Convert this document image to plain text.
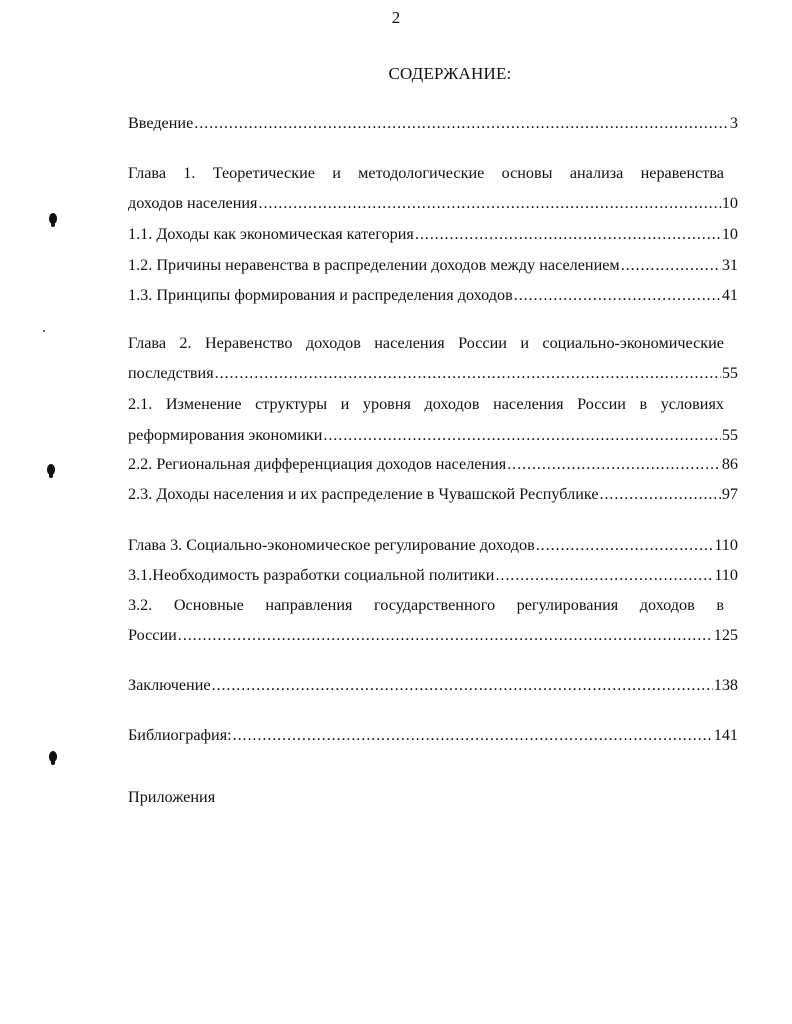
2
СОДЕРЖАНИЕ:
Введение .....	3
Глава 1. Теоретические и методологические основы анализа неравенства
доходов населения .....	10
1.1. Доходы как экономическая категория .....	10
1.2. Причины неравенства в распределении доходов между населением .....	31
1.3. Принципы формирования и распределения доходов .....	41
Глава 2. Неравенство доходов населения России и социально-экономические
последствия .....	55
2.1. Изменение структуры и уровня доходов населения России в условиях
реформирования экономики .....	55
2.2. Региональная дифференциация доходов населения .....	86
2.3. Доходы населения и их распределение в Чувашской Республике .....	97
Глава 3. Социально-экономическое регулирование доходов .....	110
3.1.Необходимость разработки социальной политики .....	110
3.2. Основные направления государственного регулирования доходов в
России .....	125
Заключение .....	138
Библиография: .....	141
Приложения
